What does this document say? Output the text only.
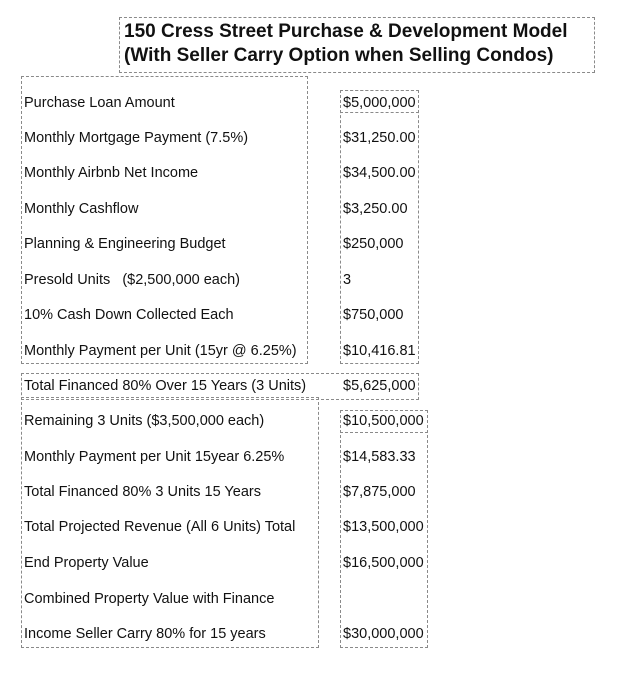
150 Cress Street Purchase & Development Model
(With Seller Carry Option when Selling Condos)
Purchase Loan Amount	$5,000,000
Monthly Mortgage Payment (7.5%)	$31,250.00
Monthly Airbnb Net Income	$34,500.00
Monthly Cashflow	$3,250.00
Planning & Engineering Budget	$250,000
Presold Units   ($2,500,000 each)	3
10% Cash Down Collected Each	$750,000
Monthly Payment per Unit (15yr @ 6.25%)	$10,416.81
Total Financed 80% Over 15 Years (3 Units)	$5,625,000
Remaining 3 Units ($3,500,000 each)	$10,500,000
Monthly Payment per Unit 15year 6.25%	$14,583.33
Total Financed 80% 3 Units 15 Years	$7,875,000
Total Projected Revenue (All 6 Units) Total	$13,500,000
End Property Value	$16,500,000
Combined Property Value with Finance
Income Seller Carry 80% for 15 years	$30,000,000
